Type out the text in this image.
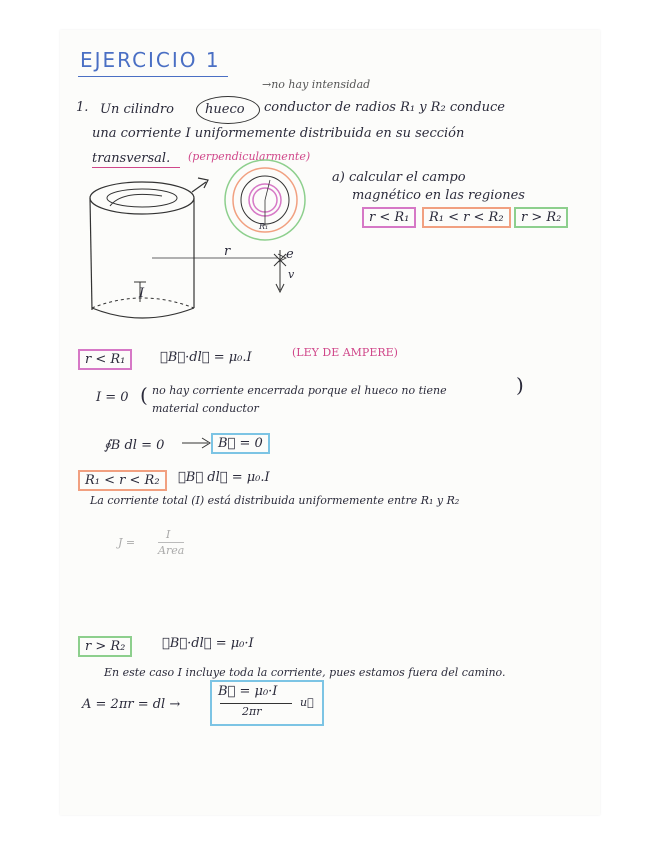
EJERCICIO 1
→no hay intensidad
1. Un cilindro hueco conductor de radios R₁ y R₂ conduce
una corriente I uniformemente distribuida en su sección
transversal. (perpendicularmente)
r
I
e
v
R₁
a) calcular el campo
magnético en las regiones
r < R₁	R₁ < r < R₂	r > R₂
r < R₁	∮B⃗·dl⃗ = μ₀.I	(LEY DE AMPERE)
I = 0 ( no hay corriente encerrada porque el hueco no tiene
material conductor
)
∮B dl = 0	B⃗ = 0
R₁ < r < R₂	∮B⃗ dl⃗ = μ₀.I
La corriente total (I) está distribuida uniformemente entre R₁ y R₂
J =
I
Area
r > R₂	∮B⃗·dl⃗ = μ₀·I
En este caso I incluye toda la corriente, pues estamos fuera del camino.
A = 2πr = dl →
B⃗ = μ₀·I
2πr
u⃗
